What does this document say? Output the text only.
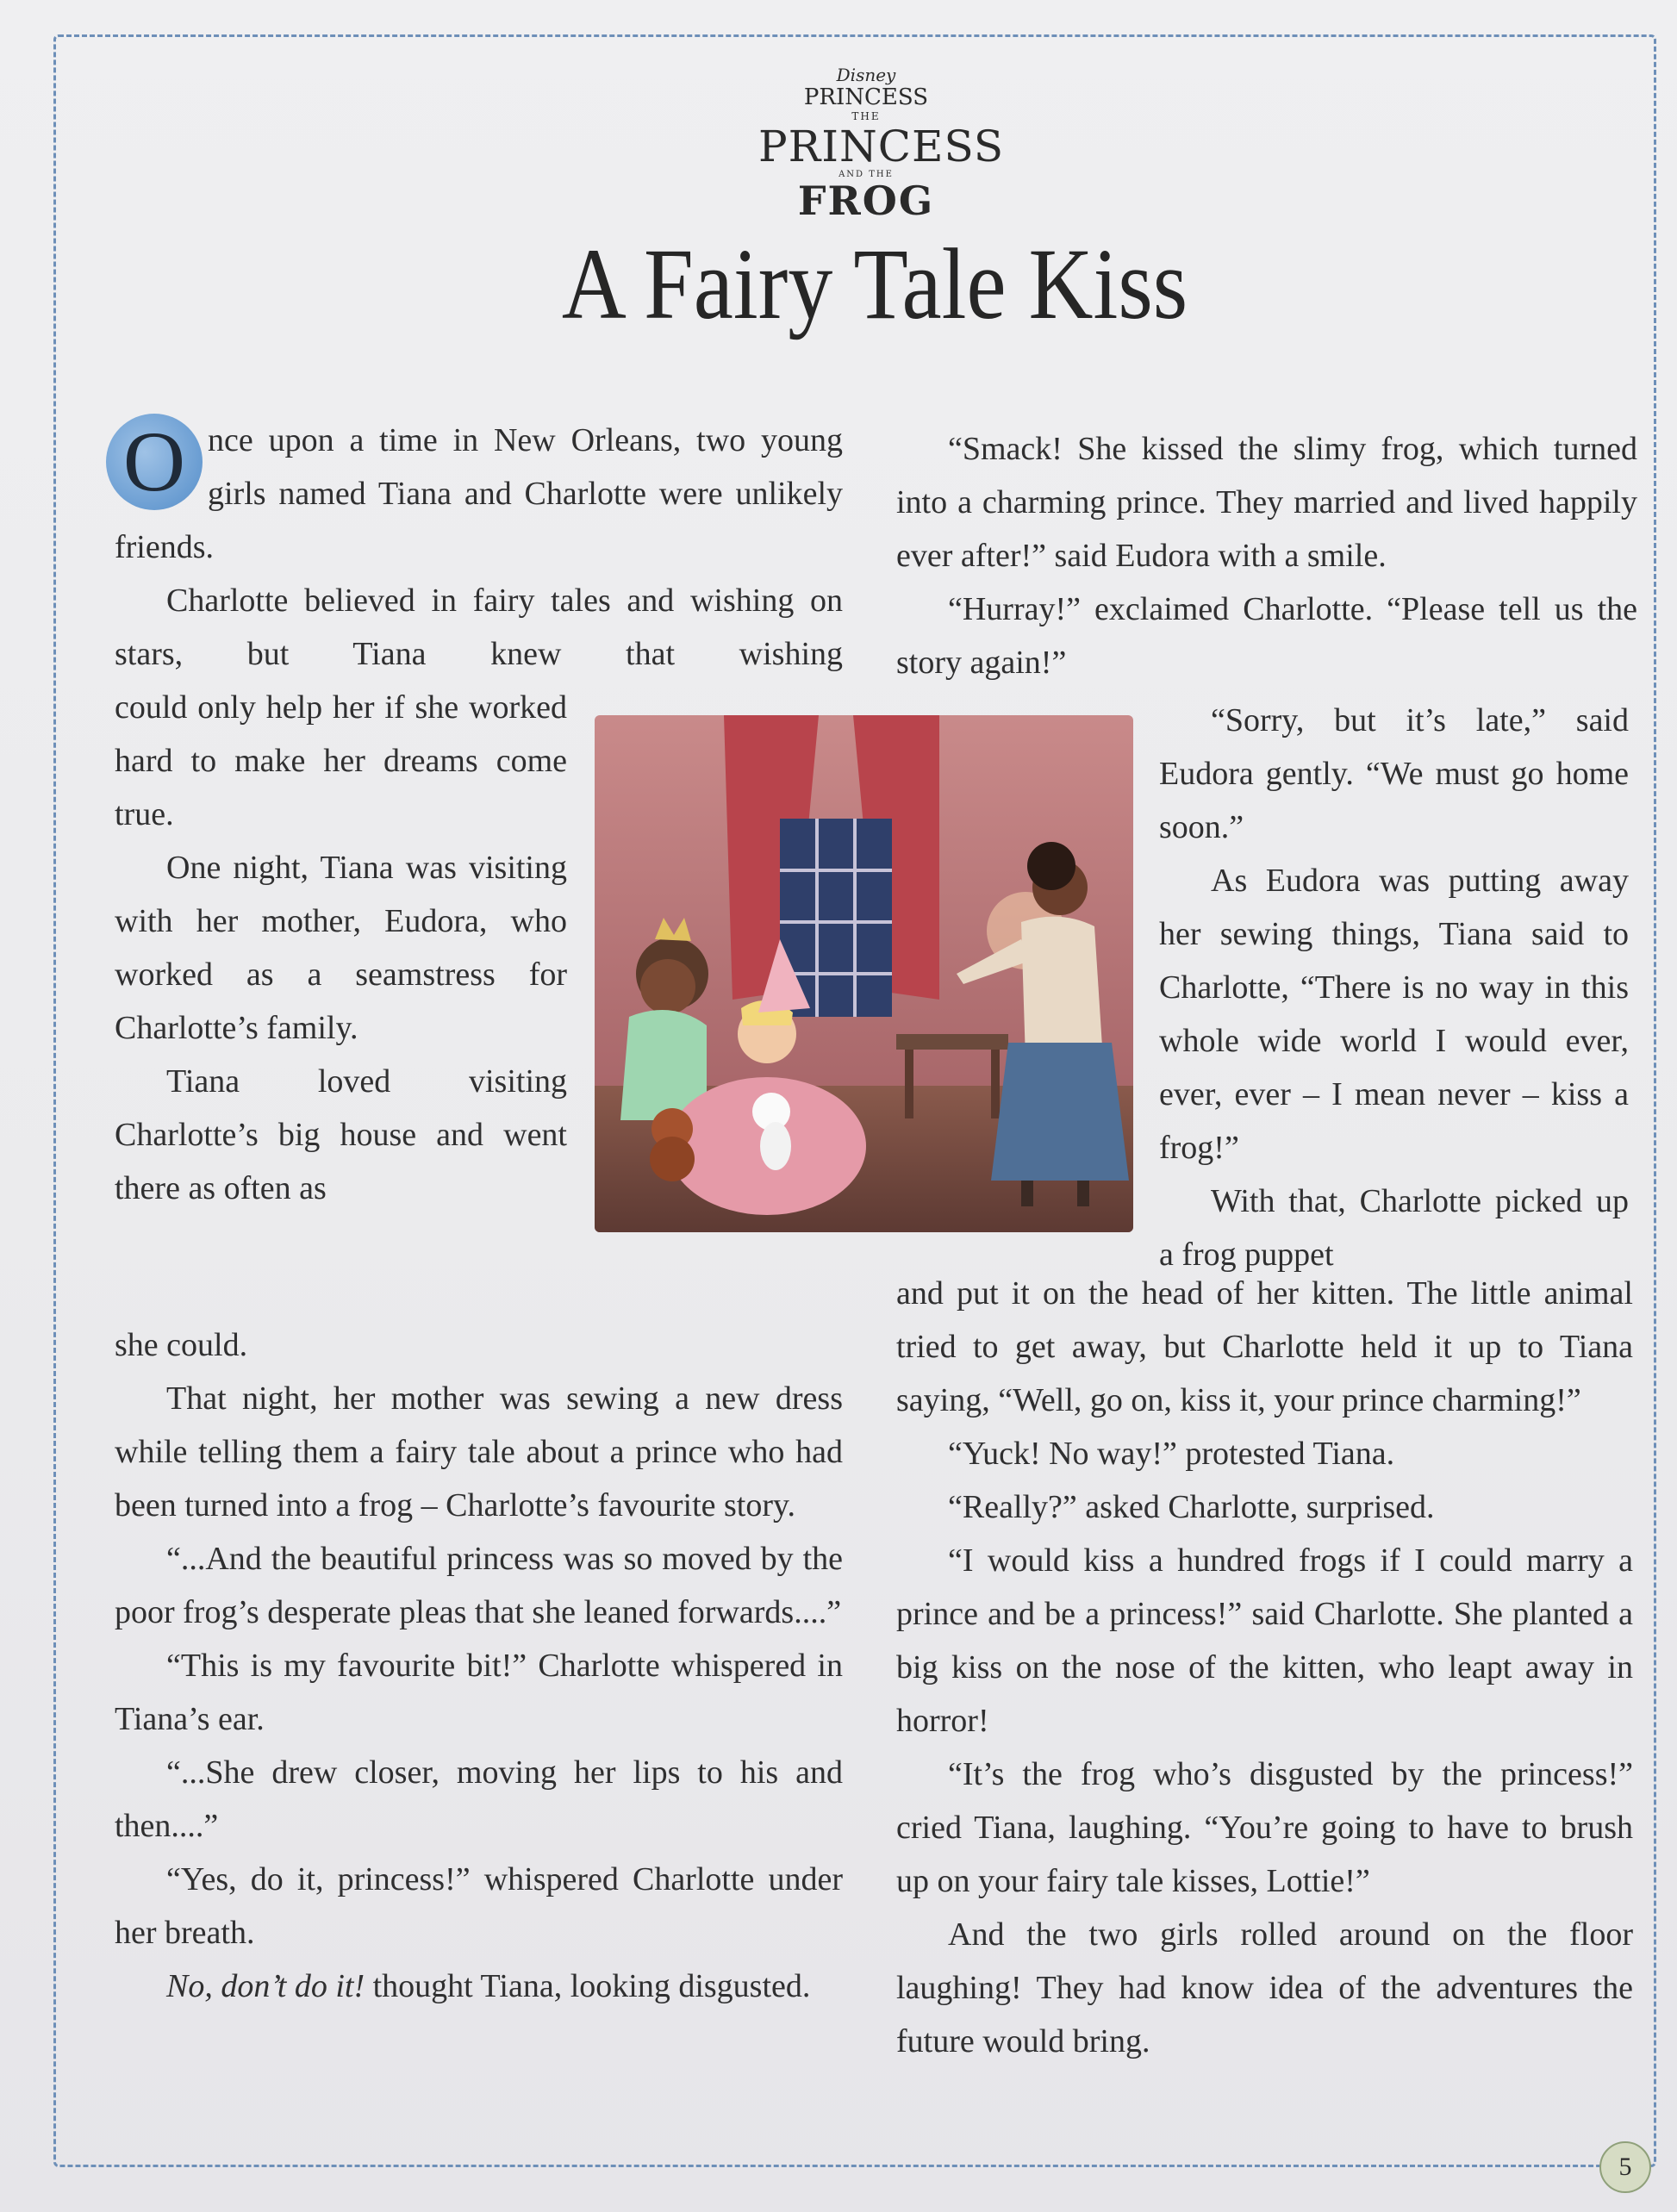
Disney
PRINCESS
THE
PRINCESS
AND THE
FROG
A Fairy Tale Kiss

O nce upon a time in New Orleans, two young girls named Tiana and Charlotte were unlikely friends.

Charlotte believed in fairy tales and wishing on stars, but Tiana knew that wishing

could only help her if she worked hard to make her dreams come true.

One night, Tiana was visiting with her mother, Eudora, who worked as a seamstress for Charlotte’s family.

Tiana loved visiting Charlotte’s big house and went there as often as

she could.

That night, her mother was sewing a new dress while telling them a fairy tale about a prince who had been turned into a frog – Charlotte’s favourite story.

“...And the beautiful princess was so moved by the poor frog’s desperate pleas that she leaned forwards....”

“This is my favourite bit!” Charlotte whispered in Tiana’s ear.

“...She drew closer, moving her lips to his and then....”

“Yes, do it, princess!” whispered Charlotte under her breath.

No, don’t do it! thought Tiana, looking disgusted.

“Smack! She kissed the slimy frog, which turned into a charming prince. They married and lived happily ever after!” said Eudora with a smile.

“Hurray!” exclaimed Charlotte. “Please tell us the story again!”

“Sorry, but it’s late,” said Eudora gently. “We must go home soon.”

As Eudora was putting away her sewing things, Tiana said to Charlotte, “There is no way in this whole wide world I would ever, ever, ever – I mean never – kiss a frog!”

With that, Charlotte picked up a frog puppet

and put it on the head of her kitten. The little animal tried to get away, but Charlotte held it up to Tiana saying, “Well, go on, kiss it, your prince charming!”

“Yuck! No way!” protested Tiana.

“Really?” asked Charlotte, surprised.

“I would kiss a hundred frogs if I could marry a prince and be a princess!” said Charlotte. She planted a big kiss on the nose of the kitten, who leapt away in horror!

“It’s the frog who’s disgusted by the princess!” cried Tiana, laughing. “You’re going to have to brush up on your fairy tale kisses, Lottie!”

And the two girls rolled around on the floor laughing! They had know idea of the adventures the future would bring.

5
